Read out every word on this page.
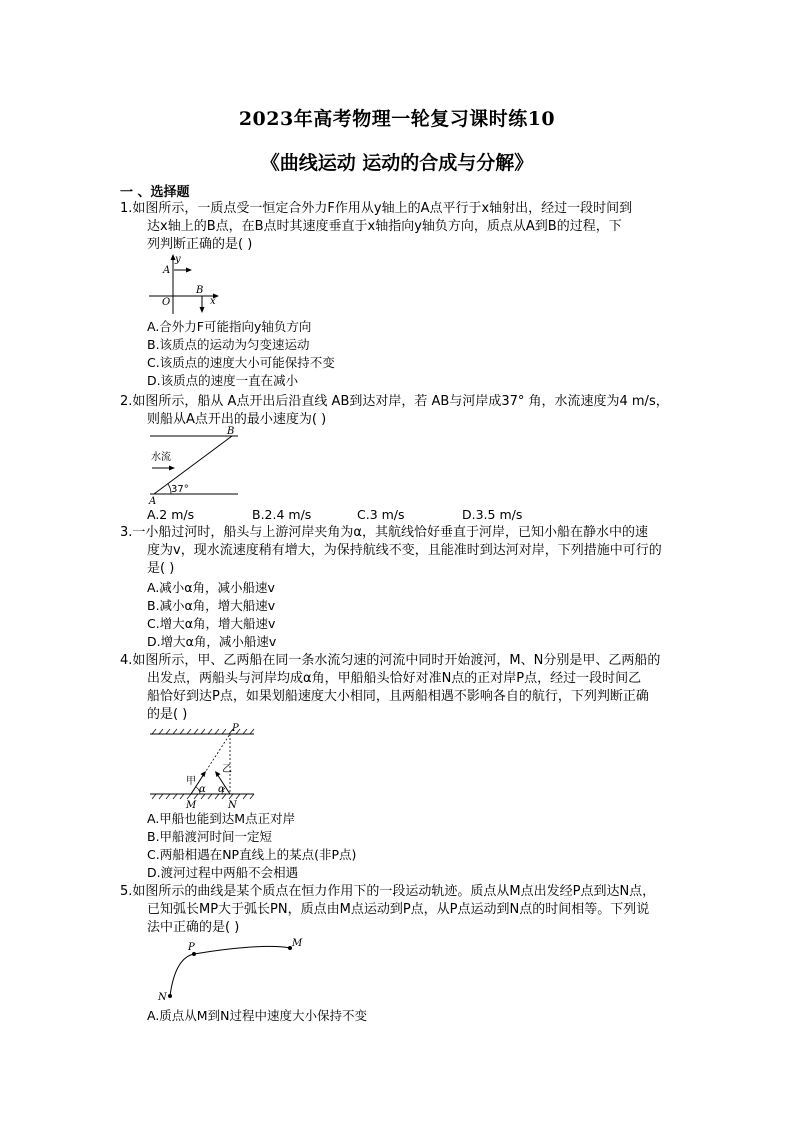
2023年高考物理一轮复习课时练10
《曲线运动 运动的合成与分解》
一 、选择题
1.如图所示，一质点受一恒定合外力F作用从y轴上的A点平行于x轴射出，经过一段时间到
达x轴上的B点，在B点时其速度垂直于x轴指向y轴负方向，质点从A到B的过程，下
列判断正确的是( )
y
A
O
B
x
A.合外力F可能指向y轴负方向
B.该质点的运动为匀变速运动
C.该质点的速度大小可能保持不变
D.该质点的速度一直在减小
2.如图所示，船从 A点开出后沿直线 AB到达对岸，若 AB与河岸成37° 角，水流速度为4 m/s，
则船从A点开出的最小速度为( )
B
A
水流
37°
A.2 m/s	B.2.4 m/s	C.3 m/s	D.3.5 m/s
3.一小船过河时，船头与上游河岸夹角为α，其航线恰好垂直于河岸，已知小船在静水中的速
度为v，现水流速度稍有增大，为保持航线不变，且能准时到达河对岸，下列措施中可行的
是( )
A.减小α角，减小船速v
B.减小α角，增大船速v
C.增大α角，增大船速v
D.增大α角，减小船速v
4.如图所示，甲、乙两船在同一条水流匀速的河流中同时开始渡河，M、N分别是甲、乙两船的
出发点，两船头与河岸均成α角，甲船船头恰好对准N点的正对岸P点，经过一段时间乙
船恰好到达P点，如果划船速度大小相同，且两船相遇不影响各自的航行，下列判断正确
的是( )
P
甲
乙
α α
M	N
A.甲船也能到达M点正对岸
B.甲船渡河时间一定短
C.两船相遇在NP直线上的某点(非P点)
D.渡河过程中两船不会相遇
5.如图所示的曲线是某个质点在恒力作用下的一段运动轨迹。质点从M点出发经P点到达N点，
已知弧长MP大于弧长PN，质点由M点运动到P点，从P点运动到N点的时间相等。下列说
法中正确的是( )
P	M
N
A.质点从M到N过程中速度大小保持不变
